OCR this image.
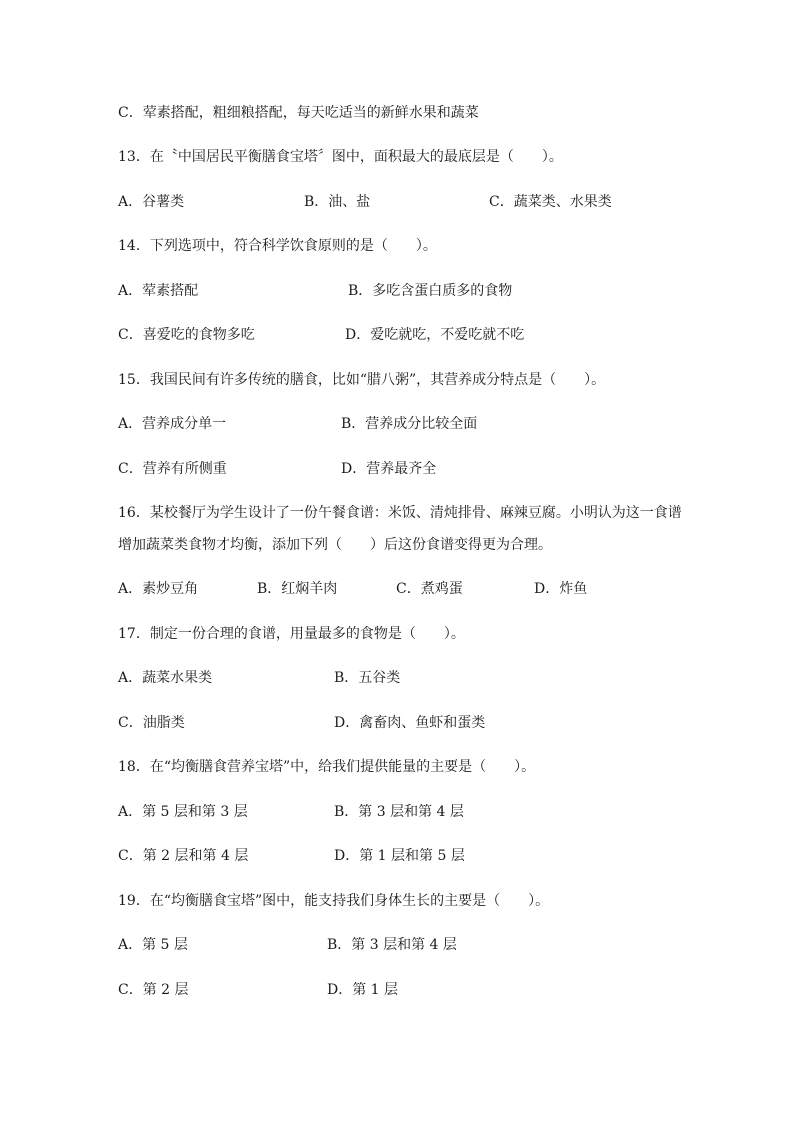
C．荤素搭配，粗细粮搭配，每天吃适当的新鲜水果和蔬菜
13．在〝中国居民平衡膳食宝塔〞图中，面积最大的最底层是（　　）。
A．谷薯类	B．油、盐	C．蔬菜类、水果类
14．下列选项中，符合科学饮食原则的是（　　）。
A．荤素搭配	B．多吃含蛋白质多的食物
C．喜爱吃的食物多吃	D．爱吃就吃，不爱吃就不吃
15．我国民间有许多传统的膳食，比如“腊八粥”，其营养成分特点是（　　）。
A．营养成分单一	B．营养成分比较全面
C．营养有所侧重	D．营养最齐全
16．某校餐厅为学生设计了一份午餐食谱：米饭、清炖排骨、麻辣豆腐。小明认为这一食谱
增加蔬菜类食物才均衡，添加下列（　　）后这份食谱变得更为合理。
A．素炒豆角	B．红焖羊肉	C．煮鸡蛋	D．炸鱼
17．制定一份合理的食谱，用量最多的食物是（　　）。
A．蔬菜水果类	B．五谷类
C．油脂类	D．禽畜肉、鱼虾和蛋类
18．在“均衡膳食营养宝塔”中，给我们提供能量的主要是（　　）。
A．第 5 层和第 3 层	B．第 3 层和第 4 层
C．第 2 层和第 4 层	D．第 1 层和第 5 层
19．在“均衡膳食宝塔”图中，能支持我们身体生长的主要是（　　）。
A．第 5 层	B．第 3 层和第 4 层
C．第 2 层	D．第 1 层
